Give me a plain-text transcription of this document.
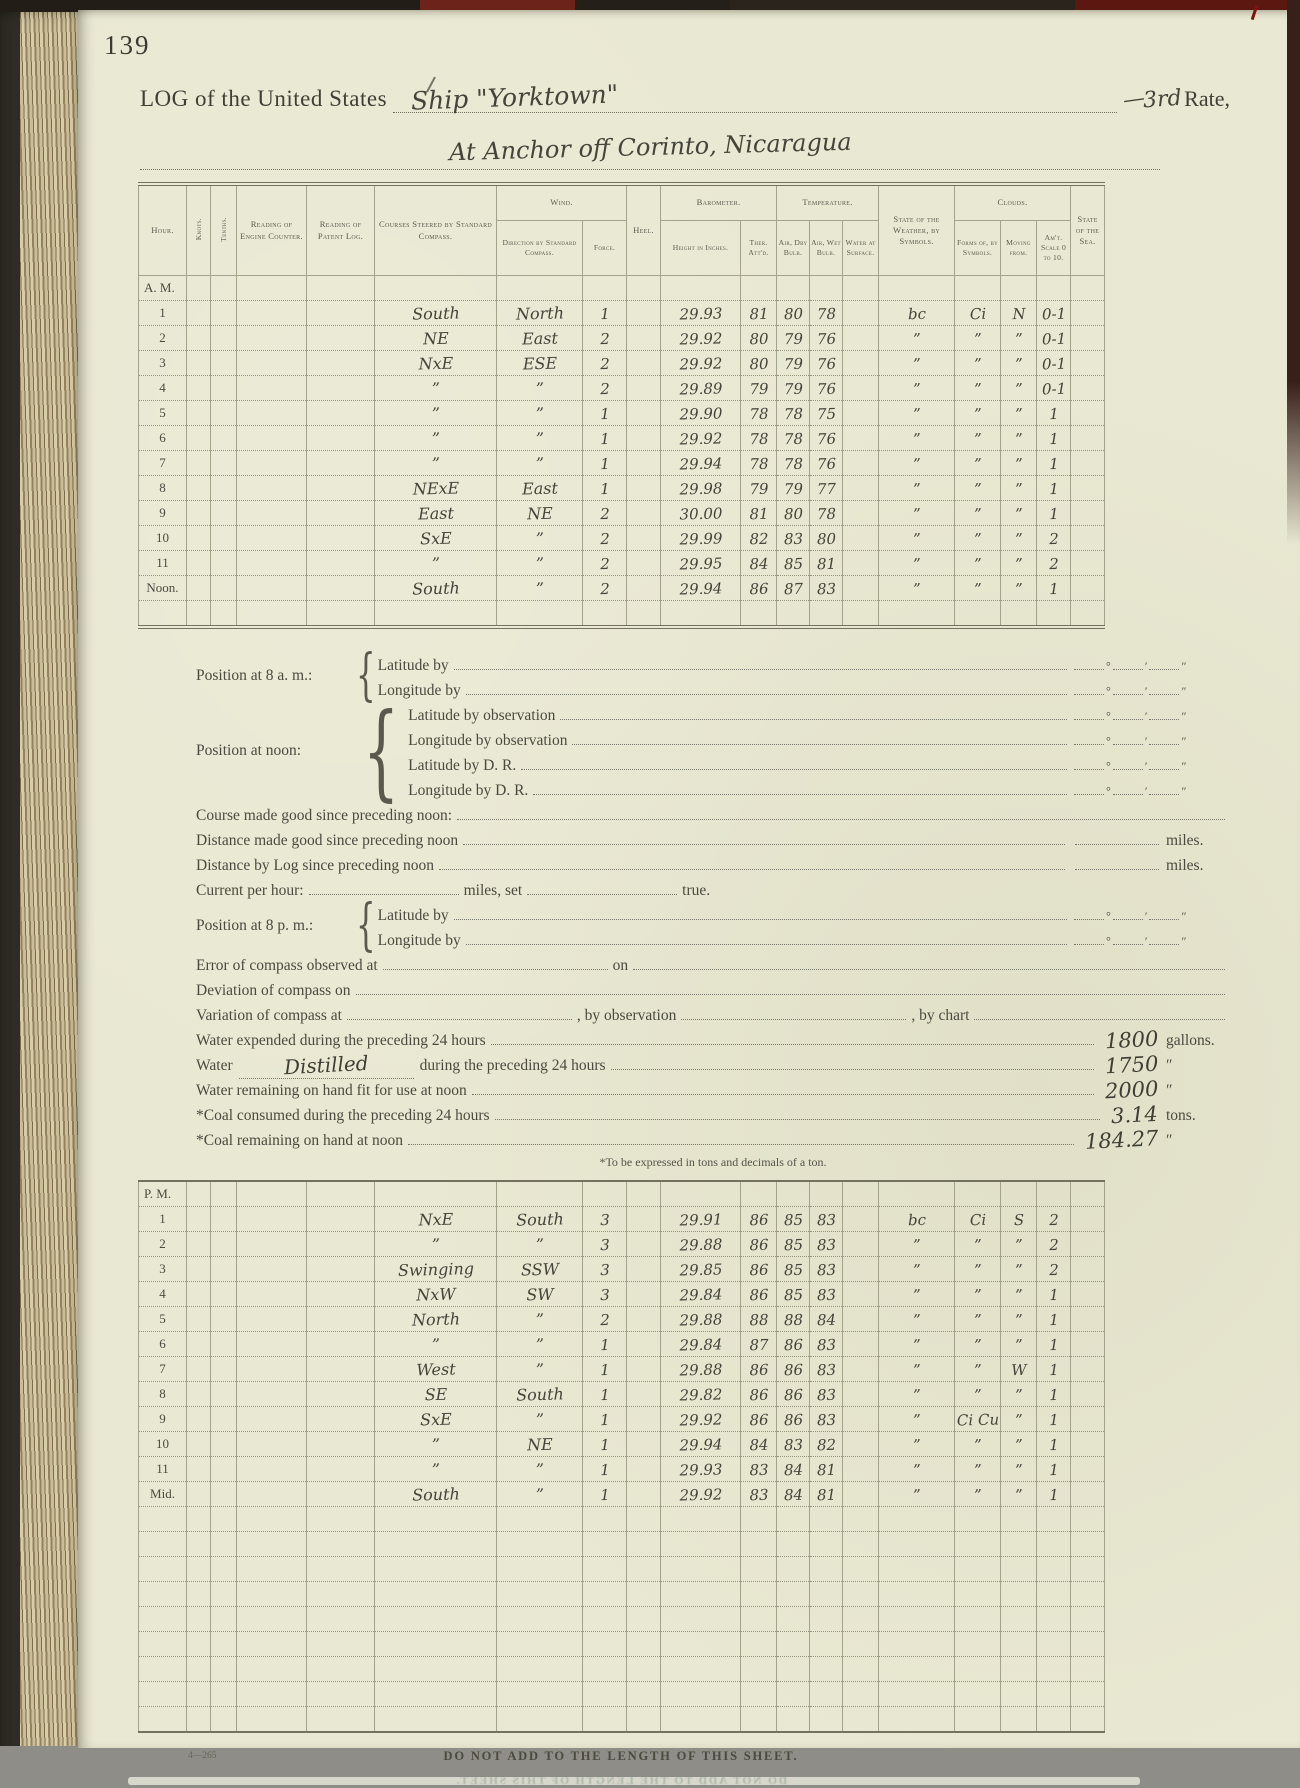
139
LOG of the United States Ship "Yorktown"	—
3rd Rate,
At Anchor off Corinto, Nicaragua
Hour.	Knots.	Tenths.	Reading of Engine Counter.	Reading of Patent Log.	Courses Steered by Standard Compass.	Wind.		Heel.	Barometer.		Temperature.			State of the Weather, by Symbols.	Clouds.			State of the Sea.
						Direction by Standard Compass.	Force.		Height in Inches.	Ther. Att'd.	Air, Dry Bulb.	Air, Wet Bulb.	Water at Surface.		Forms of, by Symbols.	Moving from.	Am't. Scale 0 to 10.	
A. M.																		
1					South	North	1		29.93	81	80	78		bc	Ci	N	0-1	
2					NE	East	2		29.92	80	79	76		”	”	”	0-1	
3					NxE	ESE	2		29.92	80	79	76		”	”	”	0-1	
4					”	”	2		29.89	79	79	76		”	”	”	0-1	
5					”	”	1		29.90	78	78	75		”	”	”	1	
6					”	”	1		29.92	78	78	76		”	”	”	1	
7					”	”	1		29.94	78	78	76		”	”	”	1	
8					NExE	East	1		29.98	79	79	77		”	”	”	1	
9					East	NE	2		30.00	81	80	78		”	”	”	1	
10					SxE	”	2		29.99	82	83	80		”	”	”	2	
11					”	”	2		29.95	84	85	81		”	”	”	2	
Noon.					South	”	2		29.94	86	87	83		”	”	”	1	

Position at 8 a. m.: { Latitude by	°	′	″
Longitude by	°	′	″
Position at noon: { Latitude by observation	°	′	″
Longitude by observation	°	′	″
Latitude by D. R.	°	′	″
Longitude by D. R.	°	′	″
Course made good since preceding noon:
Distance made good since preceding noon	miles.
Distance by Log since preceding noon	miles.
Current per hour:	miles, set	true.
Position at 8 p. m.: { Latitude by	°	′	″
Longitude by	°	′	″
Error of compass observed at	on
Deviation of compass on
Variation of compass at	, by observation	, by chart
Water expended during the preceding 24 hours	1800 gallons.
Water	Distilled	during the preceding 24 hours	1750 ″
Water remaining on hand fit for use at noon	2000 ″
*Coal consumed during the preceding 24 hours	3.14 tons.
*Coal remaining on hand at noon	184.27 ″
*To be expressed in tons and decimals of a ton.
P. M.																		
1					NxE	South	3		29.91	86	85	83		bc	Ci	S	2	
2					”	”	3		29.88	86	85	83		”	”	”	2	
3					Swinging	SSW	3		29.85	86	85	83		”	”	”	2	
4					NxW	SW	3		29.84	86	85	83		”	”	”	1	
5					North	”	2		29.88	88	88	84		”	”	”	1	
6					”	”	1		29.84	87	86	83		”	”	”	1	
7					West	”	1		29.88	86	86	83		”	”	W	1	
8					SE	South	1		29.82	86	86	83		”	”	”	1	
9					SxE	”	1		29.92	86	86	83		”	Ci Cu	”	1	
10					”	NE	1		29.94	84	83	82		”	”	”	1	
11					”	”	1		29.93	83	84	81		”	”	”	1	
Mid.					South	”	1		29.92	83	84	81		”	”	”	1	

4—265	DO NOT ADD TO THE LENGTH OF THIS SHEET.
DO NOT ADD TO THE LENGTH OF THIS SHEET.
